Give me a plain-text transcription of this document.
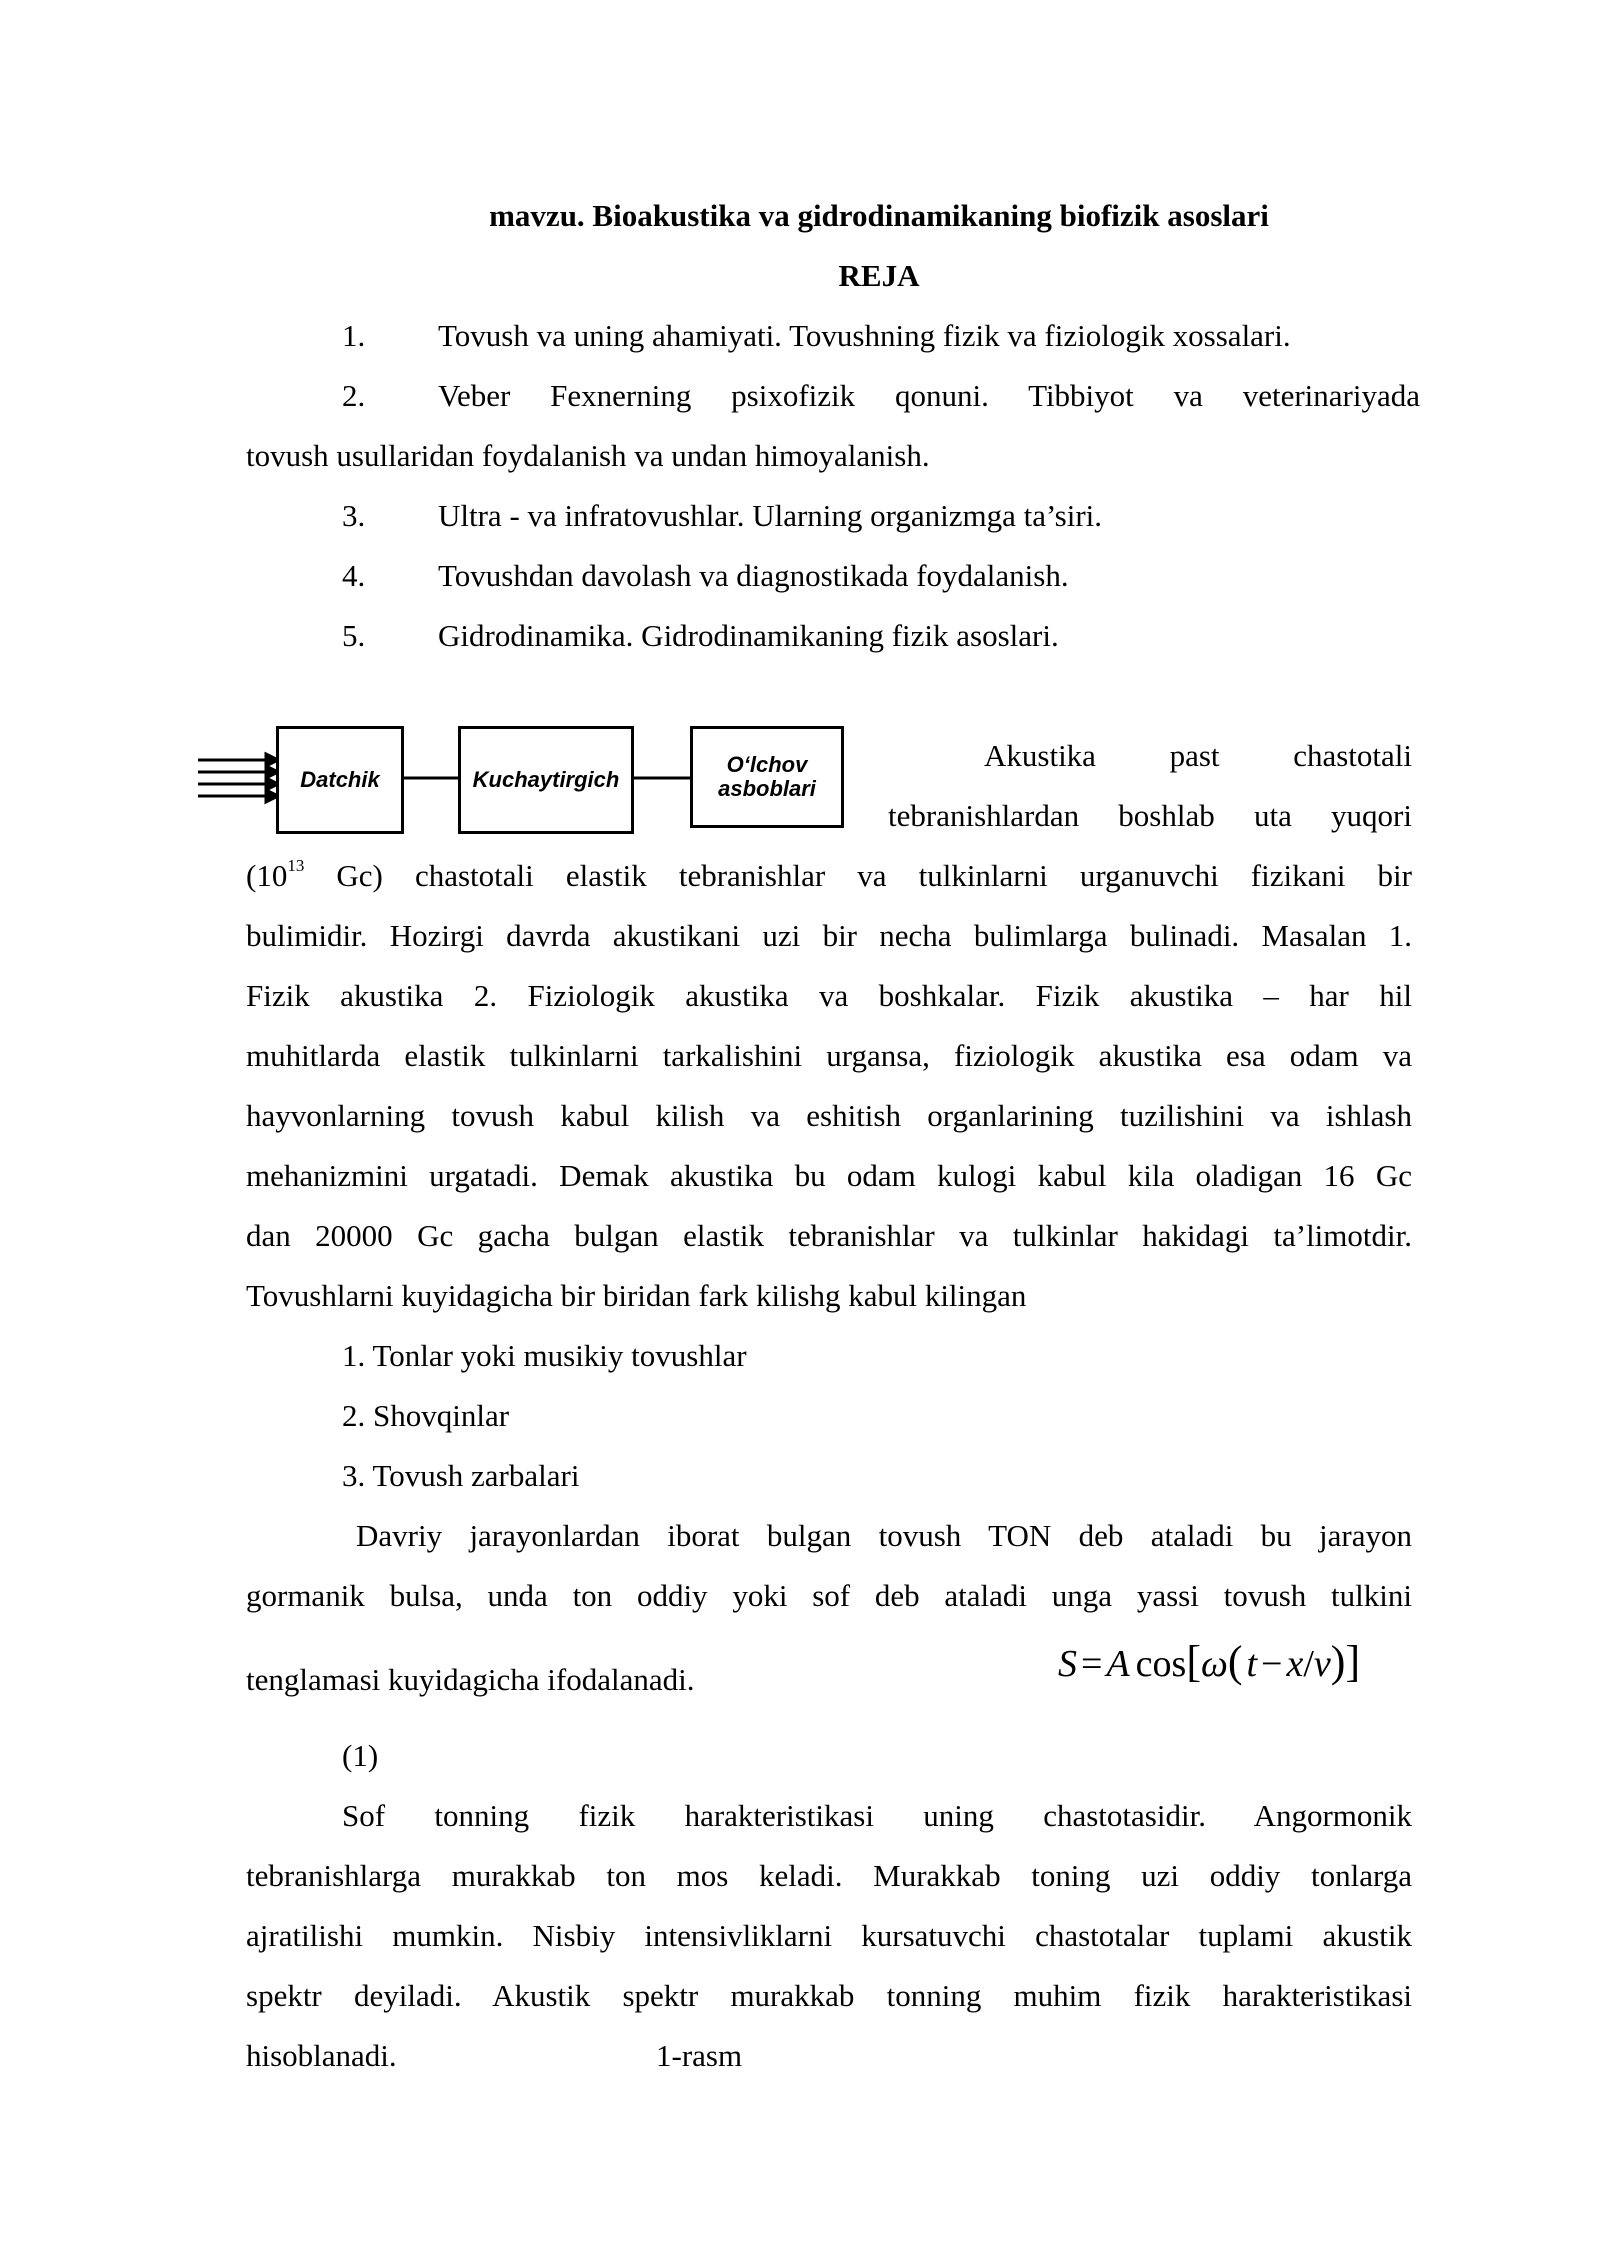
mavzu. Bioakustika va gidrodinamikaning biofizik asoslari
REJA
1. Tovush va uning ahamiyati. Tovushning fizik va fiziologik xossalari.
2. Veber Fexnerning psixofizik qonuni. Tibbiyot va veterinariyada
tovush usullaridan foydalanish va undan himoyalanish.
3. Ultra - va infratovushlar. Ularning organizmga ta’siri.
4. Tovushdan davolash va diagnostikada foydalanish.
5. Gidrodinamika. Gidrodinamikaning fizik asoslari.
Datchik	Kuchaytirgich
O‘lchov asboblari
Akustika past chastotali
tebranishlardan boshlab uta yuqori
($10^{13}$ Gc) chastotali elastik tebranishlar va tulkinlarni urganuvchi fizikani bir
bulimidir. Hozirgi davrda akustikani uzi bir necha bulimlarga bulinadi. Masalan 1.
Fizik akustika 2. Fiziologik akustika va boshkalar. Fizik akustika – har hil
muhitlarda elastik tulkinlarni tarkalishini urgansa, fiziologik akustika esa odam va
hayvonlarning tovush kabul kilish va eshitish organlarining tuzilishini va ishlash
mehanizmini urgatadi. Demak akustika bu odam kulogi kabul kila oladigan 16 Gc
dan 20000 Gc gacha bulgan elastik tebranishlar va tulkinlar hakidagi ta’limotdir.
Tovushlarni kuyidagicha bir biridan fark kilishg kabul kilingan
1. Tonlar yoki musikiy tovushlar
2. Shovqinlar
3. Tovush zarbalari
Davriy jarayonlardan iborat bulgan tovush TON deb ataladi bu jarayon
gormanik bulsa, unda ton oddiy yoki sof deb ataladi unga yassi tovush tulkini
tenglamasi kuyidagicha ifodalanadi.	S = A cos[ω( t − x/v)]
(1)
Sof tonning fizik harakteristikasi uning chastotasidir. Angormonik
tebranishlarga murakkab ton mos keladi. Murakkab toning uzi oddiy tonlarga
ajratilishi mumkin. Nisbiy intensivliklarni kursatuvchi chastotalar tuplami akustik
spektr deyiladi. Akustik spektr murakkab tonning muhim fizik harakteristikasi
hisoblanadi.	1-rasm
